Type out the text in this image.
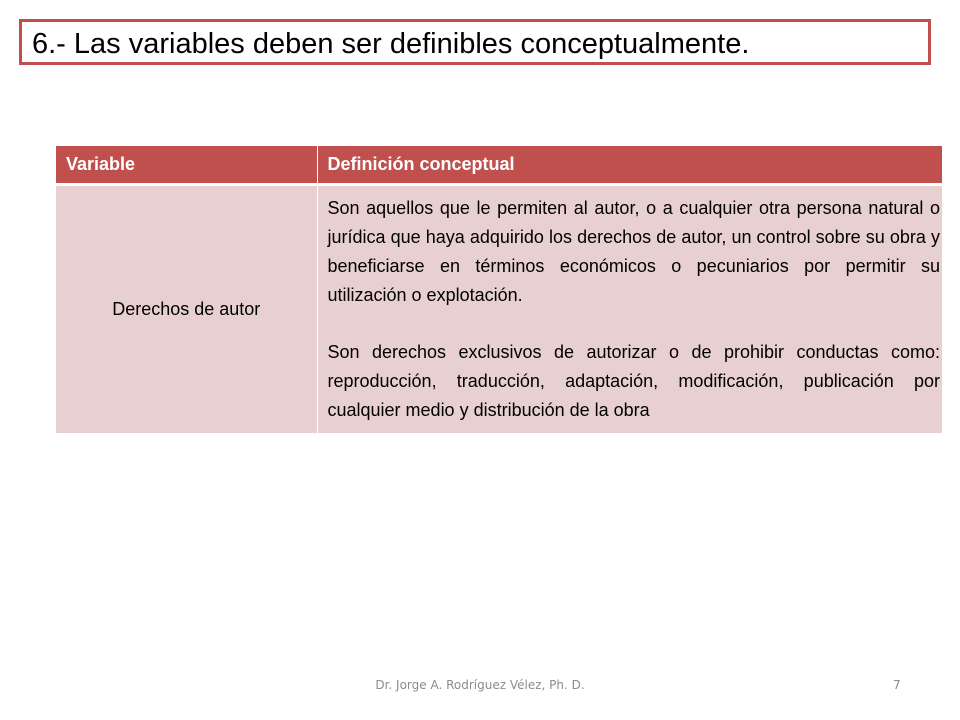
6.- Las variables deben ser definibles conceptualmente.
Variable	Definición conceptual
Derechos de autor	Son aquellos que le permiten al autor, o a cualquier otra persona natural o jurídica que haya adquirido los derechos de autor, un control sobre su obra y beneficiarse en términos económicos o pecuniarios por permitir su utilización o explotación.

Son derechos exclusivos de autorizar o de prohibir conductas como: reproducción, traducción, adaptación, modificación, publicación por cualquier medio y distribución de la obra

Dr. Jorge A. Rodríguez Vélez, Ph. D.	7
